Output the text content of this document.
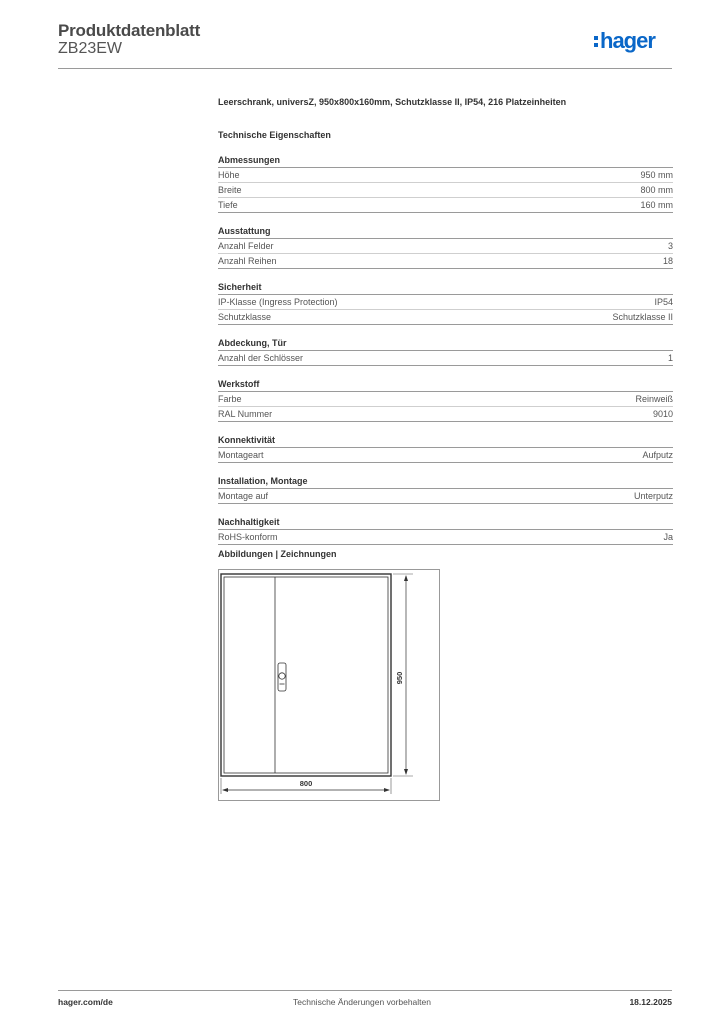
Produktdatenblatt
ZB23EW	hager
Leerschrank, universZ, 950x800x160mm, Schutzklasse II, IP54, 216 Platzeinheiten
Technische Eigenschaften
Abmessungen
Höhe	950 mm
Breite	800 mm
Tiefe	160 mm
Ausstattung
Anzahl Felder	3
Anzahl Reihen	18
Sicherheit
IP-Klasse (Ingress Protection)	IP54
Schutzklasse	Schutzklasse II
Abdeckung, Tür
Anzahl der Schlösser	1
Werkstoff
Farbe	Reinweiß
RAL Nummer	9010
Konnektivität
Montageart	Aufputz
Installation, Montage
Montage auf	Unterputz
Nachhaltigkeit
RoHS-konform	Ja
Abbildungen | Zeichnungen
950
800
hager.com/de	Technische Änderungen vorbehalten	18.12.2025
